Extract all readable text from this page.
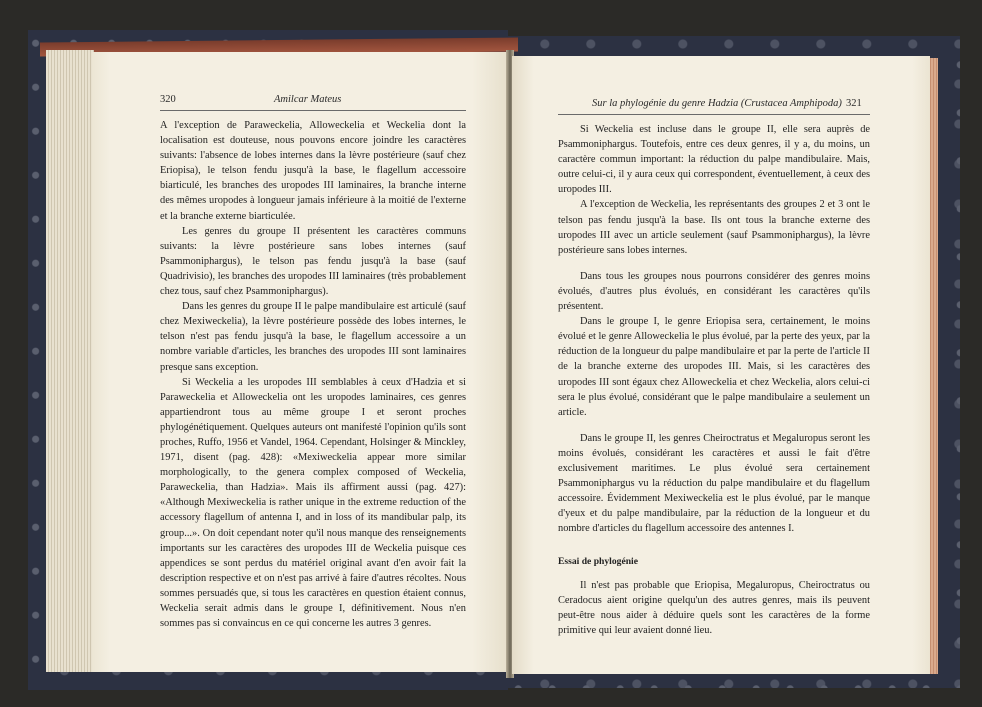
320	Amilcar Mateus

A l'exception de Paraweckelia, Alloweckelia et Weckelia dont la localisation est douteuse, nous pouvons encore joindre les caractères suivants: l'absence de lobes internes dans la lèvre postérieure (sauf chez Eriopisa), le telson fendu jusqu'à la base, le flagellum accessoire biarticulé, les branches des uropodes III laminaires, la branche interne des mêmes uropodes à longueur jamais inférieure à la moitié de l'externe et la branche externe biarticulée.

Les genres du groupe II présentent les caractères communs suivants: la lèvre postérieure sans lobes internes (sauf Psammoniphargus), le telson pas fendu jusqu'à la base (sauf Quadrivisio), les branches des uropodes III laminaires (très probablement chez tous, sauf chez Psammoniphargus).

Dans les genres du groupe II le palpe mandibulaire est articulé (sauf chez Mexiweckelia), la lèvre postérieure possède des lobes internes, le telson n'est pas fendu jusqu'à la base, le flagellum accessoire a un nombre variable d'articles, les branches des uropodes III sont laminaires presque sans exception.

Si Weckelia a les uropodes III semblables à ceux d'Hadzia et si Paraweckelia et Alloweckelia ont les uropodes laminaires, ces genres appartiendront tous au même groupe I et seront proches phylogénétiquement. Quelques auteurs ont manifesté l'opinion qu'ils sont proches, Ruffo, 1956 et Vandel, 1964. Cependant, Holsinger & Minckley, 1971, disent (pag. 428): «Mexiweckelia appear more similar morphologically, to the genera complex composed of Weckelia, Paraweckelia, than Hadzia». Mais ils affirment aussi (pag. 427): «Although Mexiweckelia is rather unique in the extreme reduction of the accessory flagellum of antenna I, and in loss of its mandibular palp, its group...». On doit cependant noter qu'il nous manque des renseignements importants sur les caractères des uropodes III de Weckelia puisque ces appendices se sont perdus du matériel original avant d'en avoir fait la description respective et on n'est pas arrivé à faire d'autres récoltes. Nous sommes persuadés que, si tous les caractères en question étaient connus, Weckelia serait admis dans le groupe I, définitivement. Nous n'en sommes pas si convaincus en ce qui concerne les autres 3 genres.

Sur la phylogénie du genre Hadzia (Crustacea Amphipoda) 321

Si Weckelia est incluse dans le groupe II, elle sera auprès de Psammoniphargus. Toutefois, entre ces deux genres, il y a, du moins, un caractère commun important: la réduction du palpe mandibulaire. Mais, outre celui-ci, il y aura ceux qui correspondent, éventuellement, à ceux des uropodes III.

A l'exception de Weckelia, les représentants des groupes 2 et 3 ont le telson pas fendu jusqu'à la base. Ils ont tous la branche externe des uropodes III avec un article seulement (sauf Psammoniphargus), la lèvre postérieure sans lobes internes.

Dans tous les groupes nous pourrons considérer des genres moins évolués, d'autres plus évolués, en considérant les caractères qu'ils présentent.

Dans le groupe I, le genre Eriopisa sera, certainement, le moins évolué et le genre Alloweckelia le plus évolué, par la perte des yeux, par la réduction de la longueur du palpe mandibulaire et par la perte de l'article II de la branche externe des uropodes III. Mais, si les caractères des uropodes III sont égaux chez Alloweckelia et chez Weckelia, alors celui-ci sera le plus évolué, considérant que le palpe mandibulaire a seulement un article.

Dans le groupe II, les genres Cheiroctratus et Megaluropus seront les moins évolués, considérant les caractères et aussi le fait d'être exclusivement maritimes. Le plus évolué sera certainement Psammoniphargus vu la réduction du palpe mandibulaire et du flagellum accessoire. Évidemment Mexiweckelia est le plus évolué, par le manque d'yeux et du palpe mandibulaire, par la réduction de la longueur et du nombre d'articles du flagellum accessoire des antennes I.

Essai de phylogénie

Il n'est pas probable que Eriopisa, Megaluropus, Cheiroctratus ou Ceradocus aient origine quelqu'un des autres genres, mais ils peuvent peut-être nous aider à déduire quels sont les caractères de la forme primitive qui leur avaient donné lieu.
